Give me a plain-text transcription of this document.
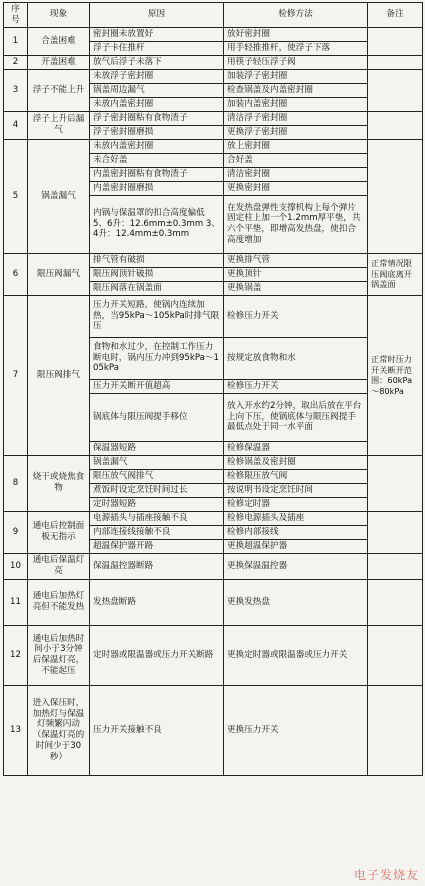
序号	现象	原因	检修方法	备注
1	合盖困难	密封圈未放置好	放好密封圈	
		浮子卡住推杆	用手轻推推杆，使浮子下落	
2	开盖困难	放气后浮子未落下	用筷子轻压浮子阀	
3	浮子不能上升	未放浮子密封圈	加装浮子密封圈	
		锅盖周边漏气	检查锅盖及内盖密封圈	
		未放内盖密封圈	加装内盖密封圈	
4	浮子上升后漏气	浮子密封圈粘有食物渣子	清洁浮子密封圈	
		浮子密封圈磨损	更换浮子密封圈	
5	锅盖漏气	未放内盖密封圈	放上密封圈	
		未合好盖	合好盖	
		内盖密封圈粘有食物渣子	清洁密封圈	
		内盖密封圈磨损	更换密封圈	
		内锅与保温罩的扣合高度偏低 5、6升：12.6mm±0.3mm 3、4升：12.4mm±0.3mm	在发热盘弹性支撑机构上每个弹片固定柱上加一个1.2mm厚平垫，共六个平垫，即增高发热盘，使扣合高度增加	
6	限压阀漏气	排气管有破损	更换排气管	正常情况限压阀底离开锅盖面
		限压阀顶针破损	更换顶针	
		限压阀落在锅盖面	更换锅盖	
7	限压阀排气	压力开关短路，使锅内连续加热，当95kPa～105kPa时排气限压	检修压力开关	正常时压力开关断开范围：60kPa～80kPa
		食物和水过少，在控制工作压力断电时，锅内压力冲到95kPa～105kPa	按规定放食物和水	
		压力开关断开值超高	检修压力开关	
		锅底体与限压阀提手移位	放入开水约2分钟，取出后放在平台上向下压，使锅底体与限压阀提手最低点处于同一水平面	
		保温器短路	检修保温器	
8	烧干或烧焦食物	锅盖漏气	检修锅盖及密封圈	
		限压放气阀排气	检修限压放气阀	
		煮饭时设定烹饪时间过长	按说明书设定烹饪时间	
		定时器短路	检修定时器	
9	通电后控制面板无指示	电源插头与插座接触不良	检修电源插头及插座	
		内部连接线接触不良	检修内部接线	
		超温保护器开路	更换超温保护器	
10	通电后保温灯亮	保温温控器断路	更换保温温控器	
11	通电后加热灯亮但不能发热	发热盘断路	更换发热盘	
12	通电后加热时间小于3分钟后保温灯亮，不能起压	定时器或限温器或压力开关断路	更换定时器或限温器或压力开关	
13	进入保压时，加热灯与保温灯频繁闪动（保温灯亮的时间少于30秒）	压力开关接触不良	更换压力开关	
电子发烧友
